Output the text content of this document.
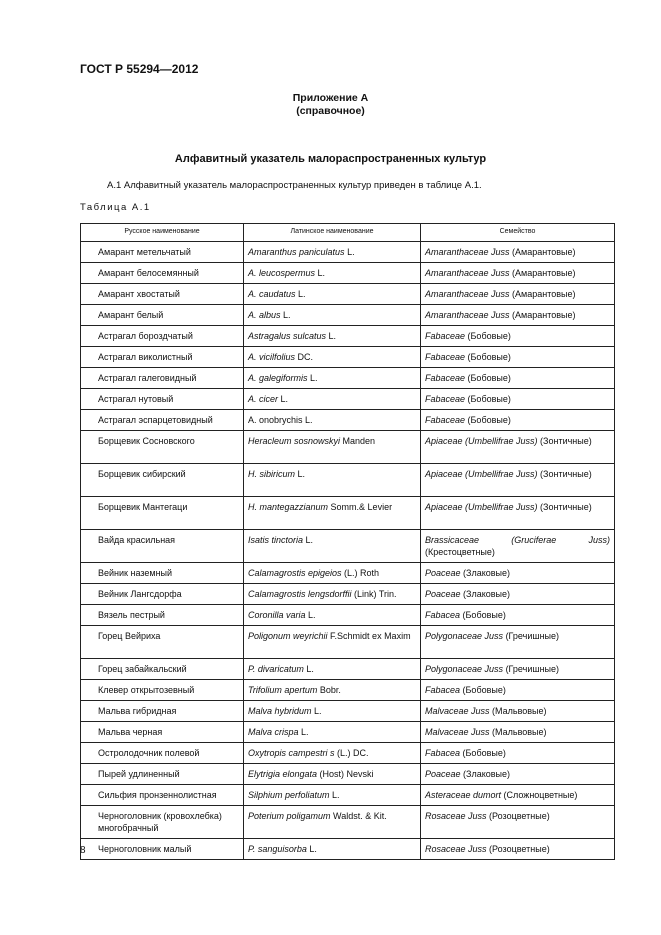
ГОСТ Р 55294—2012
Приложение А
(справочное)
Алфавитный указатель малораспространенных культур
А.1 Алфавитный указатель малораспространенных культур приведен в таблице А.1.
Таблица А.1
Русское наименование	Латинское наименование	Семейство
Амарант метельчатый	Amaranthus paniculatus L.	Amaranthaceae Juss (Амарантовые)
Амарант белосемянный	A. leucospermus L.	Amaranthaceae Juss (Амарантовые)
Амарант хвостатый	A. caudatus L.	Amaranthaceae Juss (Амарантовые)
Амарант белый	A. albus L.	Amaranthaceae Juss (Амарантовые)
Астрагал бороздчатый	Astragalus sulcatus L.	Fabaceae (Бобовые)
Астрагал виколистный	A. vicilfolius DC.	Fabaceae (Бобовые)
Астрагал галеговидный	A. galegiformis L.	Fabaceae (Бобовые)
Астрагал нутовый	A. cicer L.	Fabaceae (Бобовые)
Астрагал эспарцетовидный	A. onobrychis L.	Fabaceae (Бобовые)
Борщевик Сосновского	Heracleum sosnowskyi Manden	Apiaceae (Umbellifrae Juss) (Зонтичные)
Борщевик сибирский	H. sibiricum L.	Apiaceae (Umbellifrae Juss) (Зонтичные)
Борщевик Мантегаци	H. mantegazzianum Somm.& Levier	Apiaceae (Umbellifrae Juss) (Зонтичные)
Вайда красильная	Isatis tinctoria L.	Brassicaceae (Gruciferae Juss) (Крестоцветные)
Вейник наземный	Calamagrostis epigeios (L.) Roth	Poaceae (Злаковые)
Вейник Лангсдорфа	Calamagrostis lengsdorffii (Link) Trin.	Poaceae (Злаковые)
Вязель пестрый	Coronilla varia L.	Fabacea (Бобовые)
Горец Вейриха	Poligonum weyrichii F.Schmidt ex Maxim	Polygonaceae Juss (Гречишные)
Горец забайкальский	P. divaricatum L.	Polygonaceae Juss (Гречишные)
Клевер открытозевный	Trifolium apertum Bobr.	Fabacea (Бобовые)
Мальва гибридная	Malva hybridum L.	Malvaceae Juss (Мальвовые)
Мальва черная	Malva crispa L.	Malvaceae Juss (Мальвовые)
Остролодочник полевой	Oxytropis campestri s (L.) DC.	Fabacea (Бобовые)
Пырей удлиненный	Elytrigia elongata (Host) Nevski	Poaceae (Злаковые)
Сильфия пронзеннолистная	Silphium perfoliatum L.	Asteraceae dumort (Сложноцветные)
Черноголовник (кровохлебка) многобрачный	Poterium poligamum Waldst. & Kit.	Rosaceae Juss (Розоцветные)
Черноголовник малый	P. sanguisorba L.	Rosaceae Juss (Розоцветные)
8
